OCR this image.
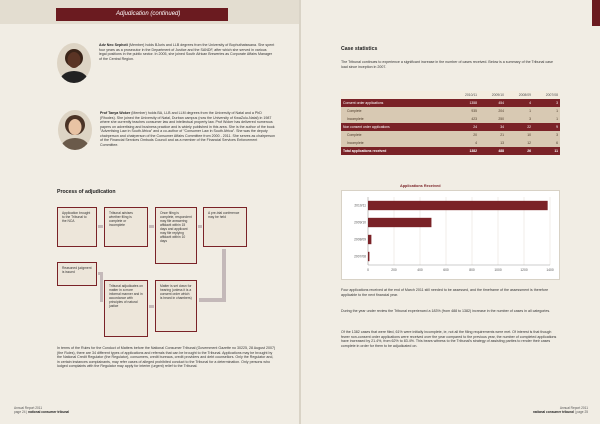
Adjudication (continued)
Adv Neo Sephoti (Member) holds BJuris and LLB degrees from the University of Bophuthatswana. She spent four years as a prosecutor in the Department of Justice and the SANDF, after which she served in various legal positions in the public sector. In 2005, she joined South African Breweries as Corporate Affairs Manager of the Central Region.
Prof Tanya Woker (Member) holds BA, LLB and LLM degrees from the University of Natal and a PhD (Rhodes). She joined the University of Natal, Durban campus (now the University of KwaZulu-Natal) in 1987 where she currently teaches consumer law and intellectual property law. Prof Woker has delivered numerous papers on advertising and business practice and is widely published in this area. She is the author of the book "Advertising Law in South Africa" and a co-author of "Consumer Law in South Africa". She was the deputy chairperson and chairperson of the Consumer Affairs Committee from 2000 - 2011. She serves as chairperson of the Financial Services Ombuds Council and as a member of the Financial Services Enforcement Committee.
Process of adjudication
Application brought to the Tribunal to the NCA
Tribunal advises whether filing is complete or incomplete
Once filing is complete, respondent may file answering affidavit within 15 days and applicant may file replying affidavit within 10 days
A pre-trial conference may be held
Reasoned judgment is issued
Tribunal adjudicates on matter in a more informal manner and in accordance with principles of natural justice
Matter is set down for hearing (unless it is a consent order which is heard in chambers)
In terms of the Rules for the Conduct of Matters before the National Consumer Tribunal (Government Gazette no 30225, 28 August 2007) (the Rules), there are 34 different types of applications and referrals that can be brought to the Tribunal. Applications may be brought by the National Credit Regulator (the Regulator), consumers, credit bureaus, credit providers and debt counsellors. Only the Regulator and, in certain instances complainants, may refer cases of alleged prohibited conduct to the Tribunal for a determination. Only persons who lodged complaints with the Regulator may apply for interim (urgent) relief to the Tribunal.
Case statistics
The Tribunal continues to experience a significant increase in the number of cases received. Below is a summary of the Tribunal case load since inception in 2007.
	2010/11	2009/10	2008/09	2007/08
Consent order applications	1358	454	4	3
Complete	935	204	1	1
Incomplete	423	250	3	1
Non consent order applications	24	34	22	9
Complete	20	21	10	3
Incomplete	4	13	12	6
Total applications received	1382	488	26	11
Applications Received
0	200	400	600	800	1000	1200	1400
2010/11
2009/10
2008/09
2007/08
Four applications received at the end of March 2011 still needed to be assessed, and the timeframe of the assessment is therefore applicable to the next financial year.
During the year under review the Tribunal experienced a 183% (from 488 to 1382) increase in the number of cases in all categories.
Of the 1382 cases that were filed, 61% were initially incomplete, ie, not all the filing requirements were met. Of interest is that though fewer non-consent order applications were received over the year compared to the previous year, the number of completed applications have increased by 21.4%, from 62% to 83.4%. This bears witness to the Tribunal's strategy of assisting parties to render their cases complete in order for them to be adjudicated on.
Annual Report 2011
page 24 | national consumer tribunal
Annual Report 2011
national consumer tribunal | page 25
